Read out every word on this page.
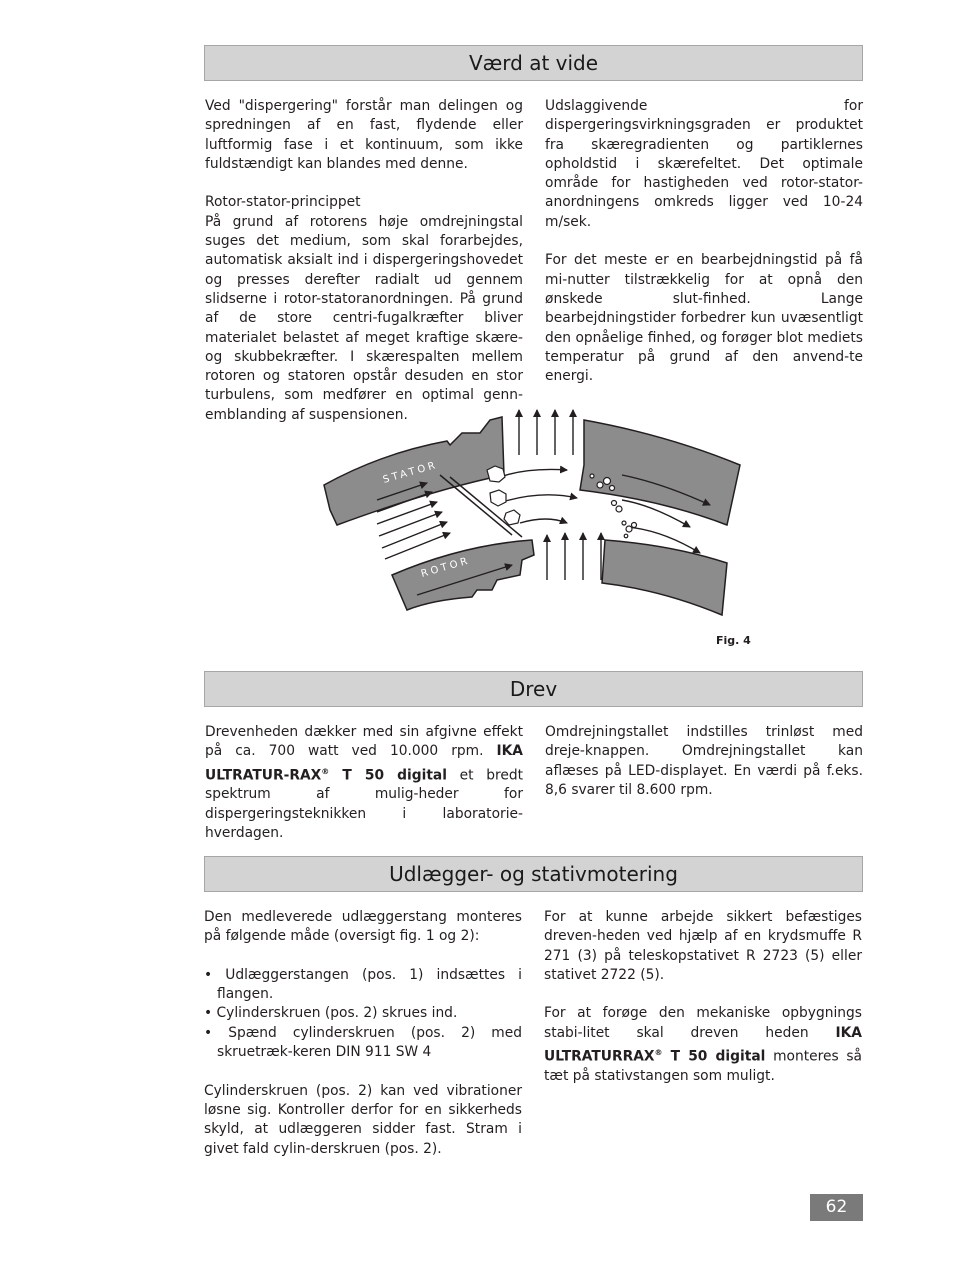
Værd at vide

Ved "dispergering" forstår man delingen og spredningen af en fast, flydende eller luftformig fase i et kontinuum, som ikke fuldstændigt kan blandes med denne.

Rotor-stator-princippet

På grund af rotorens høje omdrejningstal suges det medium, som skal forarbejdes, automatisk aksialt ind i dispergeringshovedet og presses derefter radialt ud gennem slidserne i rotor-statoranordningen. På grund af de store centri-fugalkræfter bliver materialet belastet af meget kraftige skære- og skubbekræfter. I skærespalten mellem rotoren og statoren opstår desuden en stor turbulens, som medfører en optimal genn-emblanding af suspensionen.

Udslaggivende for dispergeringsvirkningsgraden er produktet fra skæregradienten og partiklernes opholdstid i skærefeltet. Det optimale område for hastigheden ved rotor-stator-anordningens omkreds ligger ved 10-24 m/sek.

For det meste er en bearbejdningstid på få mi-nutter tilstrækkelig for at opnå den ønskede slut-finhed. Lange bearbejdningstider forbedrer kun uvæsentligt den opnåelige finhed, og forøger blot mediets temperatur på grund af den anvend-te energi.

STATOR
ROTOR
Fig. 4
Drev

Drevenheden dækker med sin afgivne effekt på ca. 700 watt ved 10.000 rpm. IKA ULTRATUR-RAX® T 50 digital et bredt spektrum af mulig-heder for dispergeringsteknikken i laboratorie-hverdagen.

Omdrejningstallet indstilles trinløst med dreje-knappen. Omdrejningstallet kan aflæses på LED-displayet. En værdi på f.eks. 8,6 svarer til 8.600 rpm.

Udlægger- og stativmotering

Den medleverede udlæggerstang monteres på følgende måde (oversigt fig. 1 og 2):

• Udlæggerstangen (pos. 1) indsættes i flangen.
• Cylinderskruen (pos. 2) skrues ind.
• Spænd cylinderskruen (pos. 2) med skruetræk-keren DIN 911 SW 4

Cylinderskruen (pos. 2) kan ved vibrationer løsne sig. Kontroller derfor for en sikkerheds skyld, at udlæggeren sidder fast. Stram i givet fald cylin-derskruen (pos. 2).

For at kunne arbejde sikkert befæstiges dreven-heden ved hjælp af en krydsmuffe R 271 (3) på teleskopstativet R 2723 (5) eller stativet 2722 (5).

For at forøge den mekaniske opbygnings stabi-litet skal dreven heden IKA ULTRATURRAX® T 50 digital monteres så tæt på stativstangen som muligt.

62
